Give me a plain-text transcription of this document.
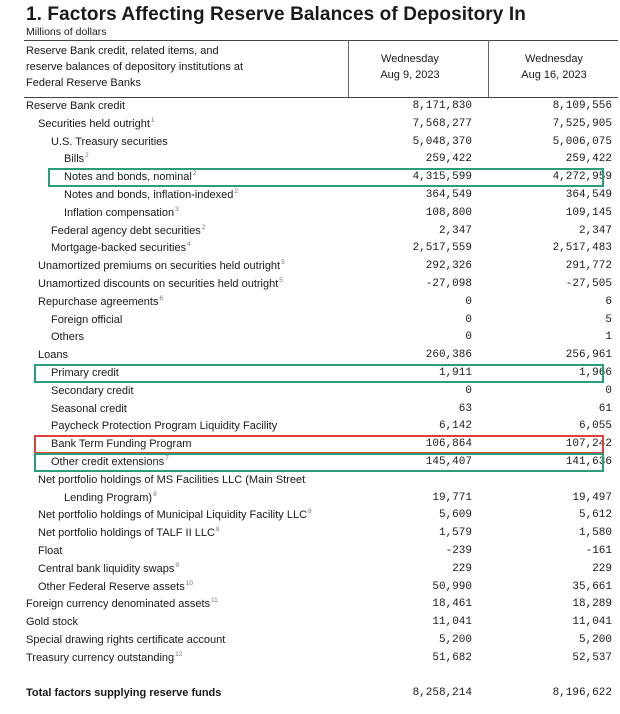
1. Factors Affecting Reserve Balances of Depository In
Millions of dollars
Reserve Bank credit, related items, and
reserve balances of depository institutions at
Federal Reserve Banks
Wednesday
Aug 9, 2023
Wednesday
Aug 16, 2023
Reserve Bank credit	8,171,830	8,109,556
Securities held outright$^1$	7,568,277	7,525,905
U.S. Treasury securities	5,048,370	5,006,075
Bills$^2$	259,422	259,422
Notes and bonds, nominal$^2$	4,315,599	4,272,959
Notes and bonds, inflation-indexed$^2$	364,549	364,549
Inflation compensation$^3$	108,800	109,145
Federal agency debt securities$^2$	2,347	2,347
Mortgage-backed securities$^4$	2,517,559	2,517,483
Unamortized premiums on securities held outright$^5$	292,326	291,772
Unamortized discounts on securities held outright$^5$	-27,098	-27,505
Repurchase agreements$^6$	0	6
Foreign official	0	5
Others	0	1
Loans	260,386	256,961
Primary credit	1,911	1,966
Secondary credit	0	0
Seasonal credit	63	61
Paycheck Protection Program Liquidity Facility	6,142	6,055
Bank Term Funding Program	106,864	107,242
Other credit extensions$^7$	145,407	141,636
Net portfolio holdings of MS Facilities LLC (Main Street
Lending Program)$^8$	19,771	19,497
Net portfolio holdings of Municipal Liquidity Facility LLC$^8$	5,609	5,612
Net portfolio holdings of TALF II LLC$^8$	1,579	1,580
Float	-239	-161
Central bank liquidity swaps$^9$	229	229
Other Federal Reserve assets$^{10}$	50,990	35,661
Foreign currency denominated assets$^{11}$	18,461	18,289
Gold stock	11,041	11,041
Special drawing rights certificate account	5,200	5,200
Treasury currency outstanding$^{12}$	51,682	52,537
Total factors supplying reserve funds	8,258,214	8,196,622
